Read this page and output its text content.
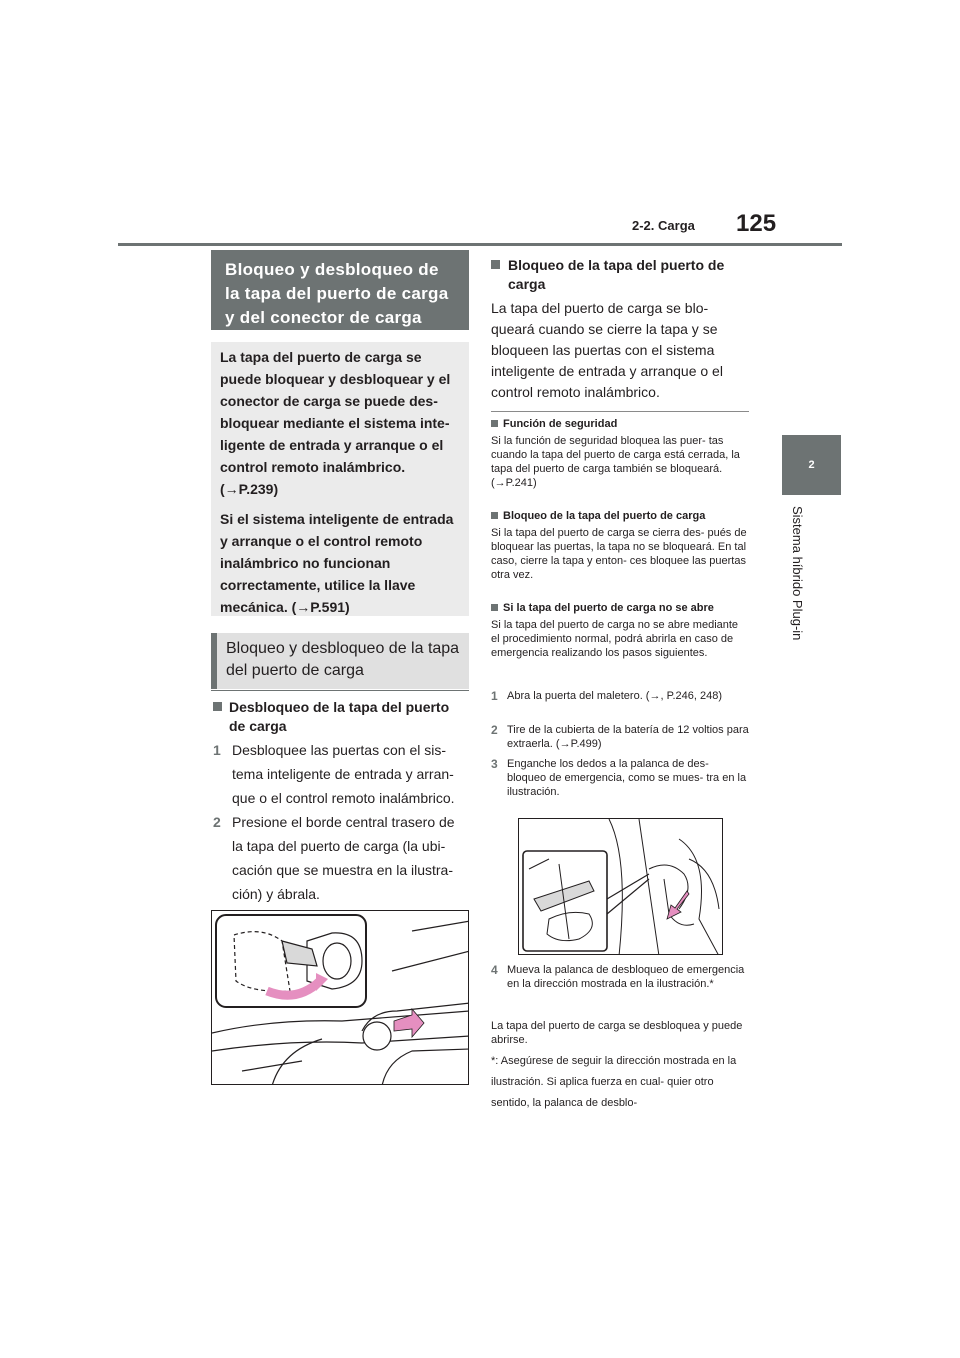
2-2. Carga 125
2
Sistema híbrido Plug-in
Bloqueo y desbloqueo de la tapa del puerto de carga y del conector de carga

La tapa del puerto de carga se puede bloquear y desbloquear y el conector de carga se puede des- bloquear mediante el sistema inte- ligente de entrada y arranque o el control remoto inalámbrico. (→P.239)

Si el sistema inteligente de entrada y arranque o el control remoto inalámbrico no funcionan correctamente, utilice la llave mecánica. (→P.591)

Bloqueo y desbloqueo de la tapa del puerto de carga
Desbloqueo de la tapa del puerto de carga
1 Desbloquee las puertas con el sis- tema inteligente de entrada y arran- que o el control remoto inalámbrico.
2 Presione el borde central trasero de la tapa del puerto de carga (la ubi- cación que se muestra en la ilustra- ción) y ábrala.
Bloqueo de la tapa del puerto de carga
La tapa del puerto de carga se blo- queará cuando se cierre la tapa y se bloqueen las puertas con el sistema inteligente de entrada y arranque o el control remoto inalámbrico.
Función de seguridad
Si la función de seguridad bloquea las puer- tas cuando la tapa del puerto de carga está cerrada, la tapa del puerto de carga también se bloqueará. (→P.241)
Bloqueo de la tapa del puerto de carga
Si la tapa del puerto de carga se cierra des- pués de bloquear las puertas, la tapa no se bloqueará. En tal caso, cierre la tapa y enton- ces bloquee las puertas otra vez.
Si la tapa del puerto de carga no se abre
Si la tapa del puerto de carga no se abre mediante el procedimiento normal, podrá abrirla en caso de emergencia realizando los pasos siguientes.
1 Abra la puerta del maletero. (→, P.246, 248)
2 Tire de la cubierta de la batería de 12 voltios para extraerla. (→P.499)
3 Enganche los dedos a la palanca de des- bloqueo de emergencia, como se mues- tra en la ilustración.
4 Mueva la palanca de desbloqueo de emergencia en la dirección mostrada en la ilustración.*
La tapa del puerto de carga se desbloquea y puede abrirse.
*: Asegúrese de seguir la dirección mostrada en la ilustración. Si aplica fuerza en cual- quier otro sentido, la palanca de desblo-
